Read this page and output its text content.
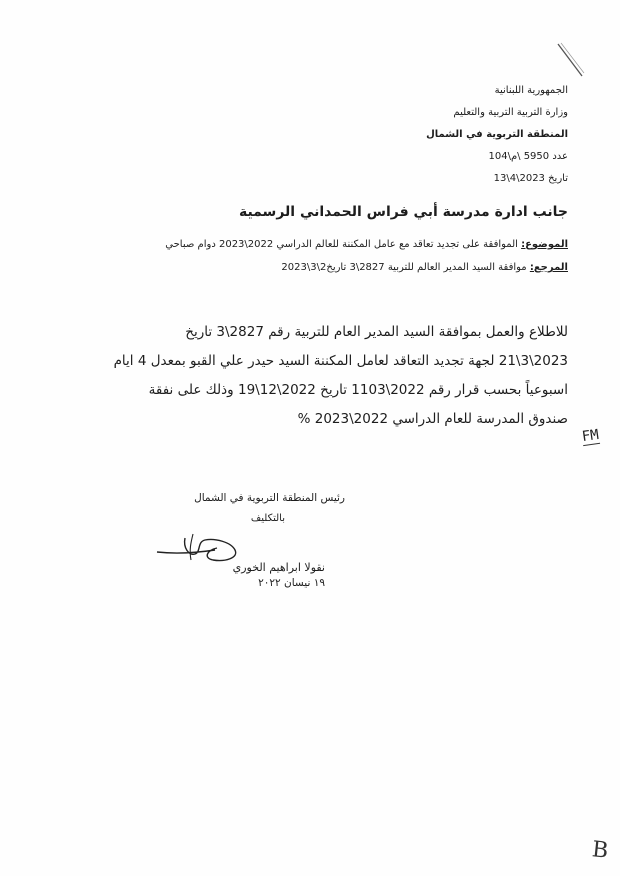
الجمهورية اللبنانية
وزارة التربية التربية والتعليم
المنطقة التربوية في الشمال
عدد 5950 \م\104
تاريخ 2023\4\13
جانب ادارة مدرسة أبي فراس الحمداني الرسمية
الموضوع: الموافقة على تجديد تعاقد مع عامل المكننة للعالم الدراسي 2022\2023 دوام صباحي
المرجع: موافقة السيد المدير العالم للتربية 2827\3 تاريخ2\3\2023
للاطلاع والعمل بموافقة السيد المدير العام للتربية رقم 2827\3 تاريخ
2023\3\21 لجهة تجديد التعاقد لعامل المكننة السيد حيدر علي القبو بمعدل 4 ايام
اسبوعياً بحسب قرار رقم 2022\1103 تاريخ 2022\12\19 وذلك على نفقة
صندوق المدرسة للعام الدراسي 2022\2023 %
FM
رئيس المنطقة التربوية في الشمال
بالتكليف
نقولا ابراهيم الخوري
١٩ نيسان ٢٠٢٢
B
